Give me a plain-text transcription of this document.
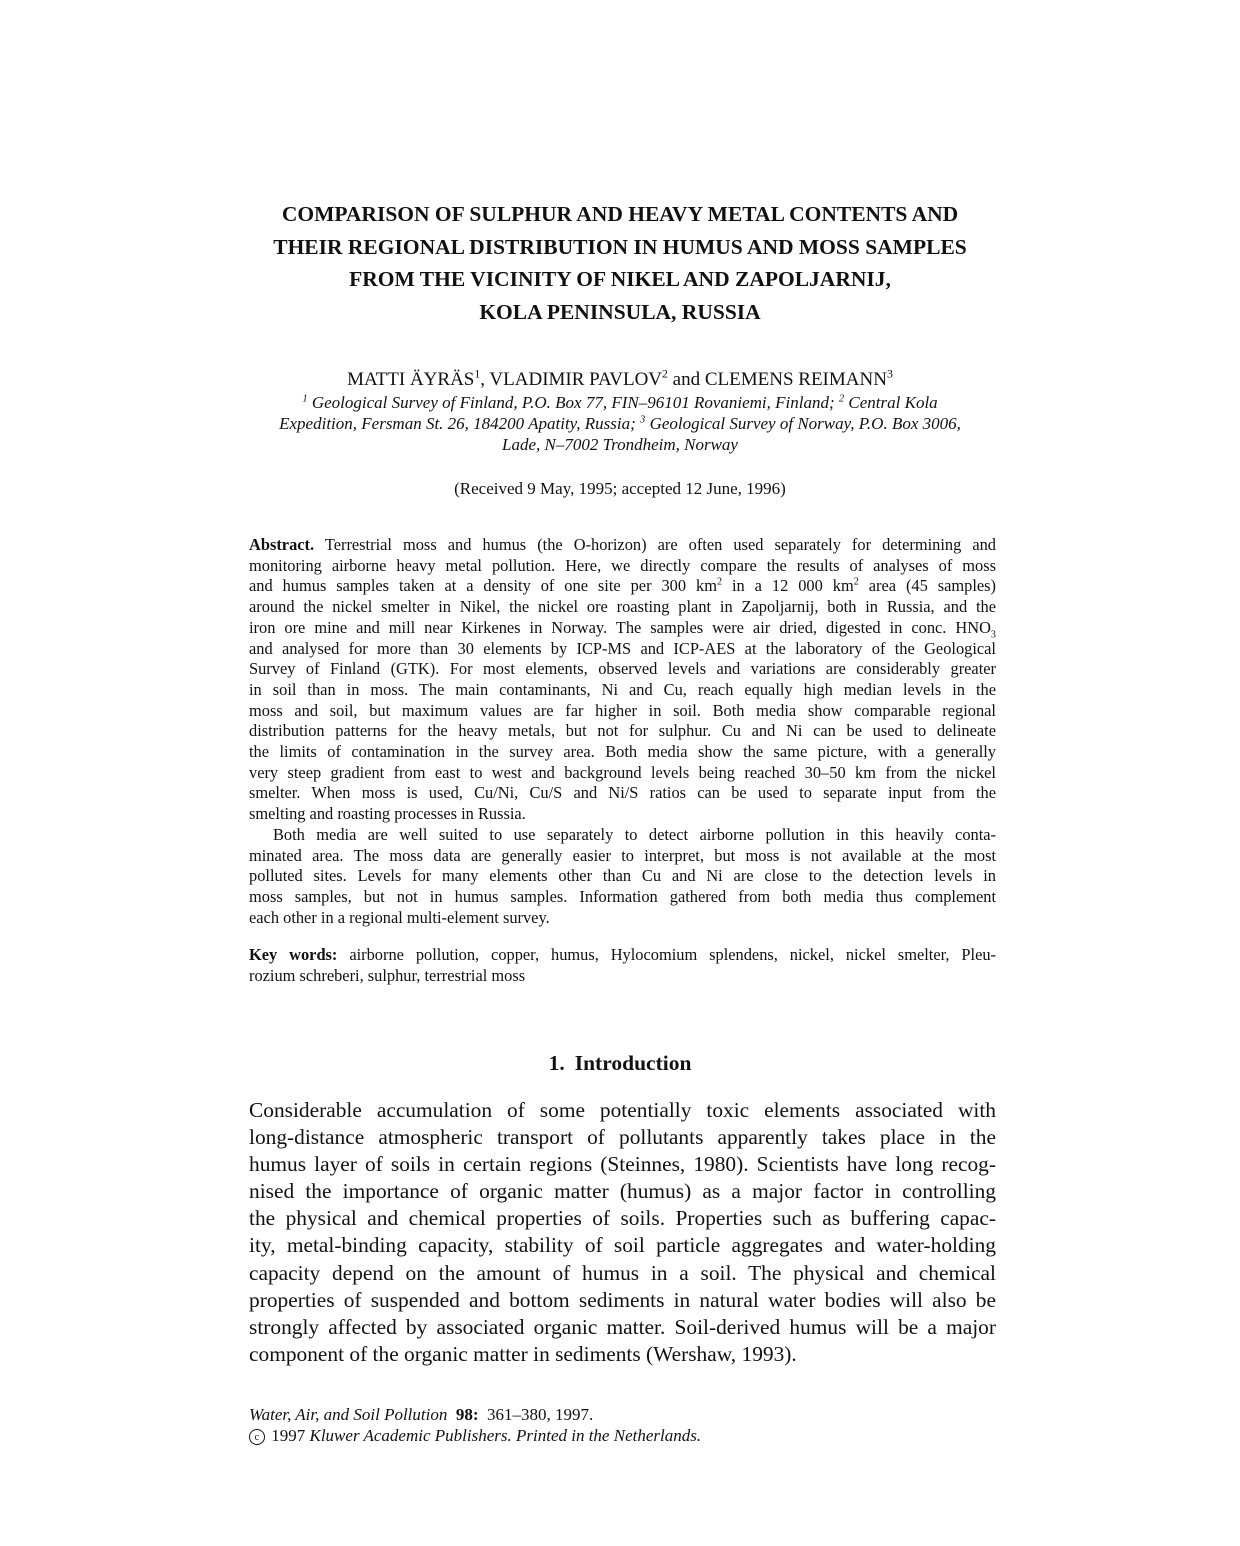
COMPARISON OF SULPHUR AND HEAVY METAL CONTENTS AND
THEIR REGIONAL DISTRIBUTION IN HUMUS AND MOSS SAMPLES
FROM THE VICINITY OF NIKEL AND ZAPOLJARNIJ,
KOLA PENINSULA, RUSSIA
MATTI ÄYRÄS$^1$, VLADIMIR PAVLOV$^2$ and CLEMENS REIMANN$^3$
$^1$ Geological Survey of Finland, P.O. Box 77, FIN–96101 Rovaniemi, Finland; $^2$ Central Kola
Expedition, Fersman St. 26, 184200 Apatity, Russia; $^3$ Geological Survey of Norway, P.O. Box 3006,
Lade, N–7002 Trondheim, Norway
(Received 9 May, 1995; accepted 12 June, 1996)
Abstract. Terrestrial moss and humus (the O-horizon) are often used separately for determining and
monitoring airborne heavy metal pollution. Here, we directly compare the results of analyses of moss
and humus samples taken at a density of one site per 300 $km^2$ in a 12 000 $km^2$ area (45 samples)
around the nickel smelter in Nikel, the nickel ore roasting plant in Zapoljarnij, both in Russia, and the
iron ore mine and mill near Kirkenes in Norway. The samples were air dried, digested in conc. $HNO_3$
and analysed for more than 30 elements by ICP-MS and ICP-AES at the laboratory of the Geological
Survey of Finland (GTK). For most elements, observed levels and variations are considerably greater
in soil than in moss. The main contaminants, Ni and Cu, reach equally high median levels in the
moss and soil, but maximum values are far higher in soil. Both media show comparable regional
distribution patterns for the heavy metals, but not for sulphur. Cu and Ni can be used to delineate
the limits of contamination in the survey area. Both media show the same picture, with a generally
very steep gradient from east to west and background levels being reached 30–50 km from the nickel
smelter. When moss is used, Cu/Ni, Cu/S and Ni/S ratios can be used to separate input from the
smelting and roasting processes in Russia.
Both media are well suited to use separately to detect airborne pollution in this heavily conta-
minated area. The moss data are generally easier to interpret, but moss is not available at the most
polluted sites. Levels for many elements other than Cu and Ni are close to the detection levels in
moss samples, but not in humus samples. Information gathered from both media thus complement
each other in a regional multi-element survey.
Key words: airborne pollution, copper, humus, Hylocomium splendens, nickel, nickel smelter, Pleu-
rozium schreberi, sulphur, terrestrial moss
1. Introduction
Considerable accumulation of some potentially toxic elements associated with
long-distance atmospheric transport of pollutants apparently takes place in the
humus layer of soils in certain regions (Steinnes, 1980). Scientists have long recog-
nised the importance of organic matter (humus) as a major factor in controlling
the physical and chemical properties of soils. Properties such as buffering capac-
ity, metal-binding capacity, stability of soil particle aggregates and water-holding
capacity depend on the amount of humus in a soil. The physical and chemical
properties of suspended and bottom sediments in natural water bodies will also be
strongly affected by associated organic matter. Soil-derived humus will be a major
component of the organic matter in sediments (Wershaw, 1993).
Water, Air, and Soil Pollution 98: 361–380, 1997.
c 1997 Kluwer Academic Publishers. Printed in the Netherlands.
